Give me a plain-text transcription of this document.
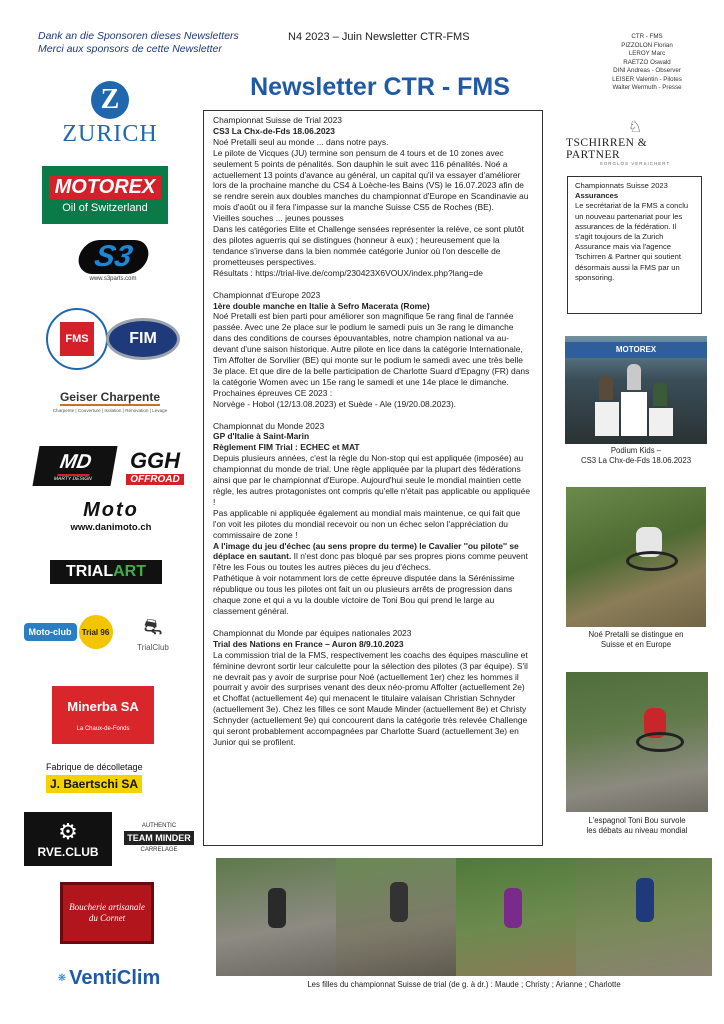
Dank an die Sponsoren dieses Newsletters
Merci aux sponsors de cette Newsletter
N4 2023 – Juin Newsletter CTR-FMS	CTR - FMS
PIZZOLON Florian
LEROY Marc
RAETZO Oswald
DINI Andreas - Observer
LEISER Valentin - Pilotes
Walter Wermuth - Presse
Newsletter CTR - FMS
Z
ZURICH
MOTOREX
Oil of Switzerland
S3
www.s3parts.com
FMS	FIM
Geiser Charpente
Charpente | Couverture | Isolation | Rénovation | Levage
MD
MARTY DESIGN
GGH
OFFROAD
Moto
www.danimoto.ch
TRIAL ART
Moto-club	Trial 96 ⛐
TrialClub
Minerba SA
La Chaux-de-Fonds
Fabrique de décolletage
J. Baertschi SA
⚙
RVE.CLUB
AUTHENTIC
TEAM MINDER
CARRELAGE
Boucherie artisanale du Cornet
❋ VentiClim

Championnat Suisse de Trial 2023

CS3 La Chx-de-Fds 18.06.2023

Noé Pretalli seul au monde ... dans notre pays.

Le pilote de Vicques (JU) termine son pensum de 4 tours et de 10 zones avec seulement 5 points de pénalités. Son dauphin le suit avec 116 pénalités. Noé a actuellement 13 points d'avance au général, un capital qu'il va essayer d'améliorer lors de la prochaine manche du CS4 à Loèche-les Bains (VS) le 16.07.2023 afin de se rendre serein aux doubles manches du championnat d'Europe en Scandinavie au mois d'août ou il fera l'impasse sur la manche Suisse CS5 de Roches (BE).

Vieilles souches ... jeunes pousses

Dans les catégories Elite et Challenge sensées représenter la relève, ce sont plutôt des pilotes aguerris qui se distingues (honneur à eux) ; heureusement que la tendance s'inverse dans la bien nommée catégorie Junior où l'on descelle de prometteuses perspectives.

Résultats : https://trial-live.de/comp/230423X6VOUX/index.php?lang=de

Championnat d'Europe 2023

1ère double manche en Italie à Sefro Macerata (Rome)

Noé Pretalli est bien parti pour améliorer son magnifique 5e rang final de l'année passée. Avec une 2e place sur le podium le samedi puis un 3e rang le dimanche dans des conditions de courses épouvantables, notre champion national va au-devant d'une saison historique. Autre pilote en lice dans la catégorie Internationale, Tim Affolter de Sorvilier (BE) qui monte sur le podium le samedi avec une très belle 3e place. Et que dire de la belle participation de Charlotte Suard d'Epagny (FR) dans la catégorie Women avec un 15e rang le samedi et une 14e place le dimanche.

Prochaines épreuves CE 2023 :

Norvège - Hobol (12/13.08.2023) et Suède - Ale (19/20.08.2023).

Championnat du Monde 2023

GP d'Italie à Saint-Marin

Règlement FIM Trial : ECHEC et MAT

Depuis plusieurs années, c'est la règle du Non-stop qui est appliquée (imposée) au championnat du monde de trial. Une règle appliquée par la plupart des fédérations ainsi que par le championnat d'Europe. Aujourd'hui seule le mondial maintien cette règle, les autres protagonistes ont compris qu'elle n'était pas applicable ou appliquée !

Pas applicable ni appliquée également au mondial mais maintenue, ce qui fait que l'on voit les pilotes du mondial recevoir ou non un échec selon l'appréciation du commissaire de zone !

A l'image du jeu d'échec (au sens propre du terme) le Cavalier ''ou pilote'' se déplace en sautant. Il n'est donc pas bloqué par ses propres pions comme peuvent l'être les Fous ou toutes les autres pièces du jeu d'échecs.

Pathétique à voir notamment lors de cette épreuve disputée dans la Sérénissime république ou tous les pilotes ont fait un ou plusieurs arrêts de progression dans chaque zone et qui a vu la double victoire de Toni Bou qui prend le large au classement général.

Championnat du Monde par équipes nationales 2023

Trial des Nations en France – Auron 8/9.10.2023

La commission trial de la FMS, respectivement les coachs des équipes masculine et féminine devront sortir leur calculette pour la sélection des pilotes (3 par équipe). S'il ne devrait pas y avoir de surprise pour Noé (actuellement 1er) chez les hommes il pourrait y avoir des surprises venant des deux néo-promu Affolter (actuellement 2e) et Choffat (actuellement 4e) qui menacent le titulaire valaisan Christian Schnyder (actuellement 3e). Chez les filles ce sont Maude Minder (actuellement 8e) et Christy Schnyder (actuellement 9e) qui concourent dans la catégorie très relevée Challenge qui seront probablement accompagnées par Charlotte Suard (actuellement 3e) en Junior qui se profilent.

♘
TSCHIRREN & PARTNER
SORGLOS VERSICHERT
Championnats Suisse 2023
Assurances
Le secrétariat de la FMS a conclu un nouveau partenariat pour les assurances de la fédération. Il s'agit toujours de la Zurich Assurance mais via l'agence Tschirren & Partner qui soutient désormais aussi la FMS par un sponsoring.
MOTOREX
Podium Kids –
CS3 La Chx-de-Fds 18.06.2023
Noé Pretalli se distingue en
Suisse et en Europe
L'espagnol Toni Bou survole
les débats au niveau mondial
Les filles du championnat Suisse de trial (de g. à dr.) : Maude ; Christy ; Arianne ; Charlotte
